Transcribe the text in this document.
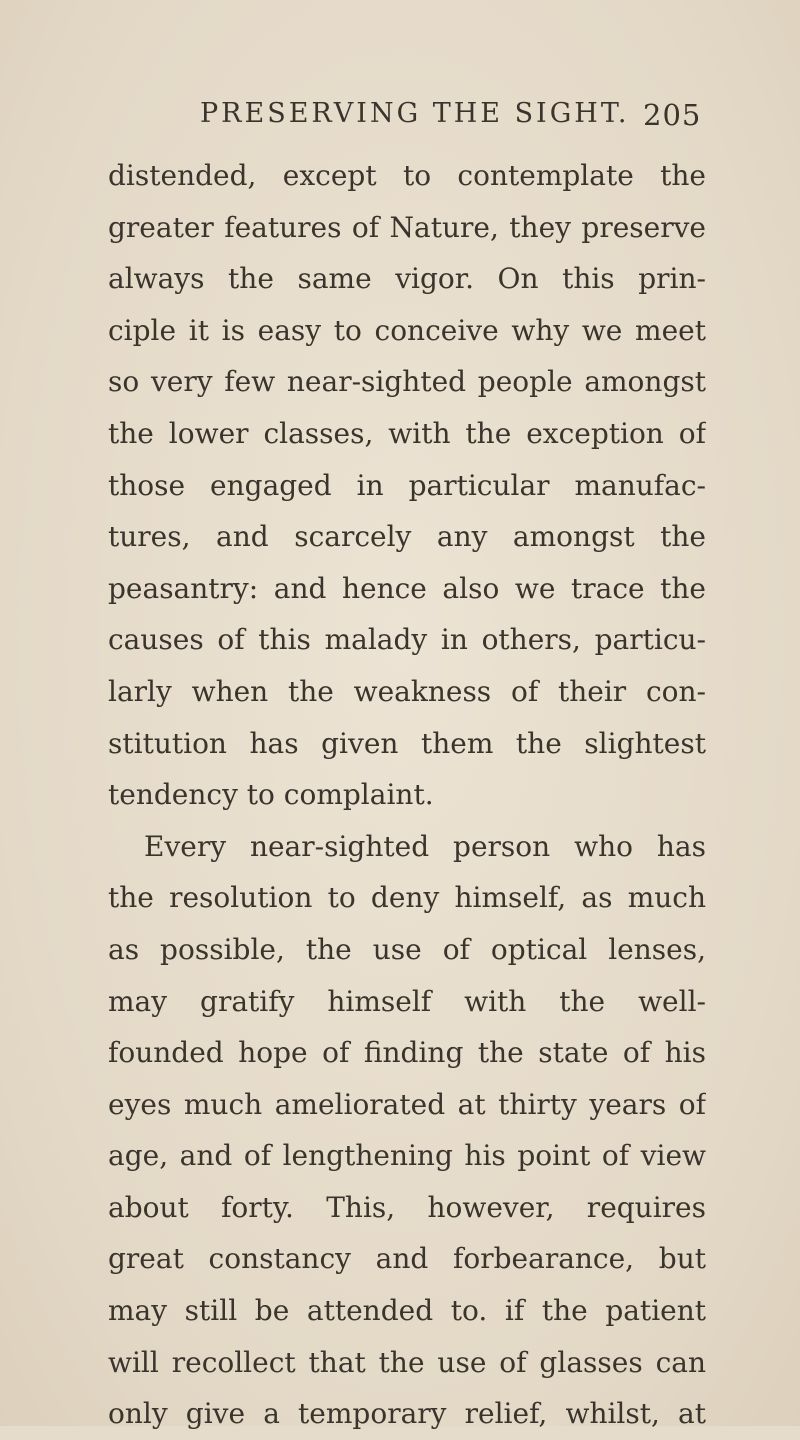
PRESERVING THE SIGHT. 205
distended, except to contemplate the
greater features of Nature, they preserve
always the same vigor. On this prin-
ciple it is easy to conceive why we meet
so very few near-sighted people amongst
the lower classes, with the exception of
those engaged in particular manufac-
tures, and scarcely any amongst the
peasantry: and hence also we trace the
causes of this malady in others, particu-
larly when the weakness of their con-
stitution has given them the slightest
tendency to complaint.
Every near-sighted person who has
the resolution to deny himself, as much
as possible, the use of optical lenses,
may gratify himself with the well-
founded hope of finding the state of his
eyes much ameliorated at thirty years of
age, and of lengthening his point of view
about forty. This, however, requires
great constancy and forbearance, but
may still be attended to. if the patient
will recollect that the use of glasses can
only give a temporary relief, whilst, at
